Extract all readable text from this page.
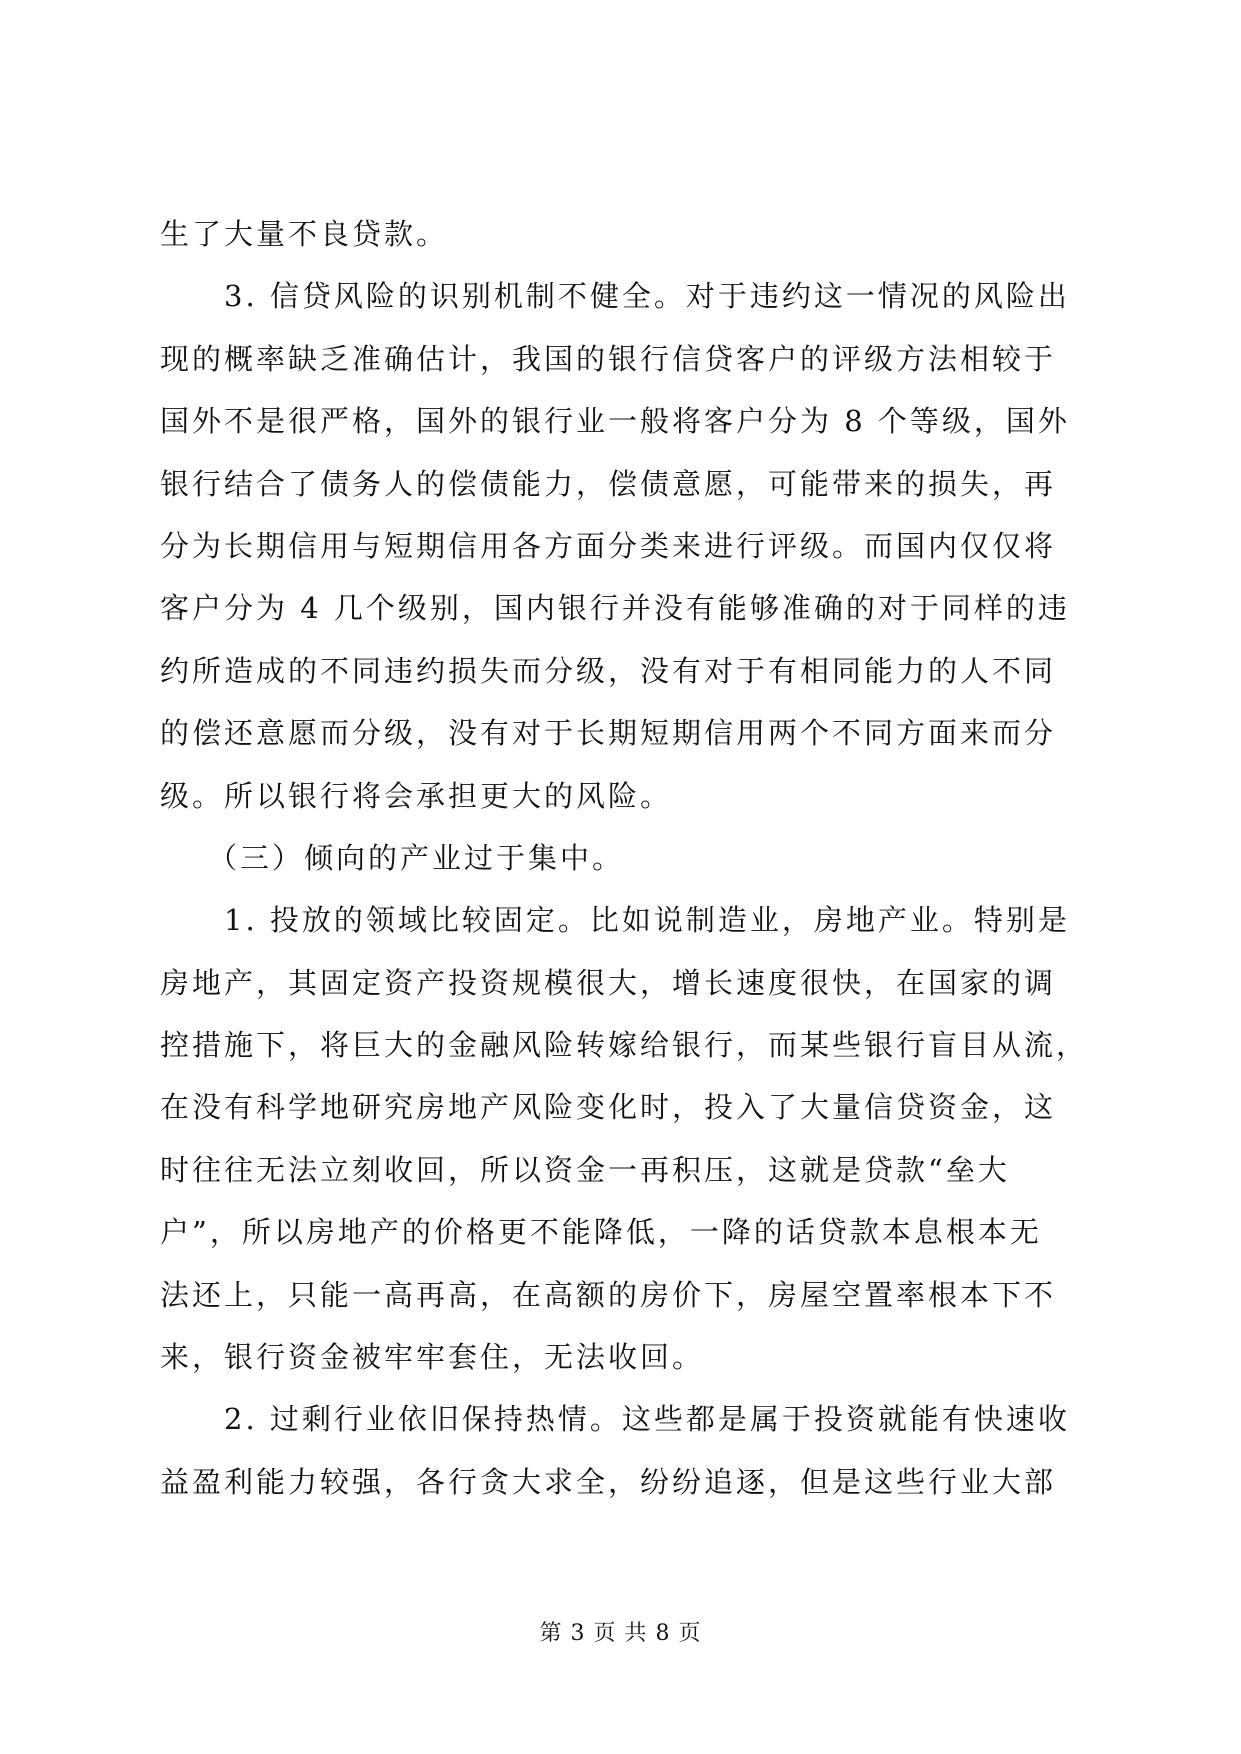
生了大量不良贷款。
3. 信贷风险的识别机制不健全。对于违约这一情况的风险出
现的概率缺乏准确估计，我国的银行信贷客户的评级方法相较于
国外不是很严格，国外的银行业一般将客户分为 8 个等级，国外
银行结合了债务人的偿债能力，偿债意愿，可能带来的损失，再
分为长期信用与短期信用各方面分类来进行评级。而国内仅仅将
客户分为 4 几个级别，国内银行并没有能够准确的对于同样的违
约所造成的不同违约损失而分级，没有对于有相同能力的人不同
的偿还意愿而分级，没有对于长期短期信用两个不同方面来而分
级。所以银行将会承担更大的风险。
（三）倾向的产业过于集中。
1. 投放的领域比较固定。比如说制造业，房地产业。特别是
房地产，其固定资产投资规模很大，增长速度很快，在国家的调
控措施下，将巨大的金融风险转嫁给银行，而某些银行盲目从流，
在没有科学地研究房地产风险变化时，投入了大量信贷资金，这
时往往无法立刻收回，所以资金一再积压，这就是贷款“垒大
户”，所以房地产的价格更不能降低，一降的话贷款本息根本无
法还上，只能一高再高，在高额的房价下，房屋空置率根本下不
来，银行资金被牢牢套住，无法收回。
2. 过剩行业依旧保持热情。这些都是属于投资就能有快速收
益盈利能力较强，各行贪大求全，纷纷追逐，但是这些行业大部
第 3 页 共 8 页
